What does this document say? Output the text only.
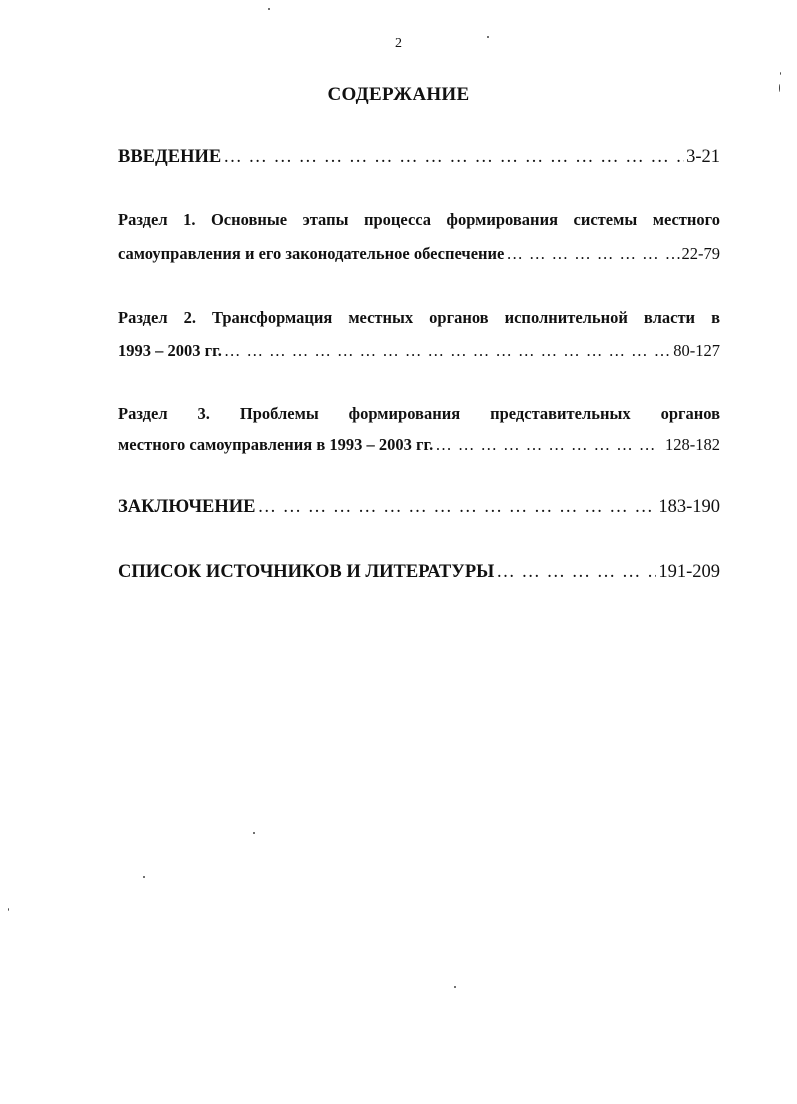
2
СОДЕРЖАНИЕ
ВВЕДЕНИЕ … … … … … … … … … … … … … … … … … … … … … … … … … … … … … … … … … … … … … … … … … … … … …	3-21
Раздел 1. Основные этапы процесса формирования системы местного
самоуправления и его законодательное обеспечение … … … … … … … … … … … … … … … … … … … … … … … … … … … … … … … … … … … … … … … … … … … … …	22-79
Раздел 2. Трансформация местных органов исполнительной власти в
1993 – 2003 гг. … … … … … … … … … … … … … … … … … … … … … … … … … … … … … … … … … … … … … … … … … … … … …	80-127
Раздел 3. Проблемы формирования представительных органов
местного самоуправления в 1993 – 2003 гг. … … … … … … … … … … … … … … … … … … … … … … … … … … … … … … … … … … … … … … … … … … … … …	128-182
ЗАКЛЮЧЕНИЕ … … … … … … … … … … … … … … … … … … … … … … … … … … … … … … … … … … … … … … … … … … … … …	183-190
СПИСОК ИСТОЧНИКОВ И ЛИТЕРАТУРЫ … … … … … … … … … … … … … … … … … … … … … … … … … … … … … … … … … … … … … … … … … … … … …	191-209
